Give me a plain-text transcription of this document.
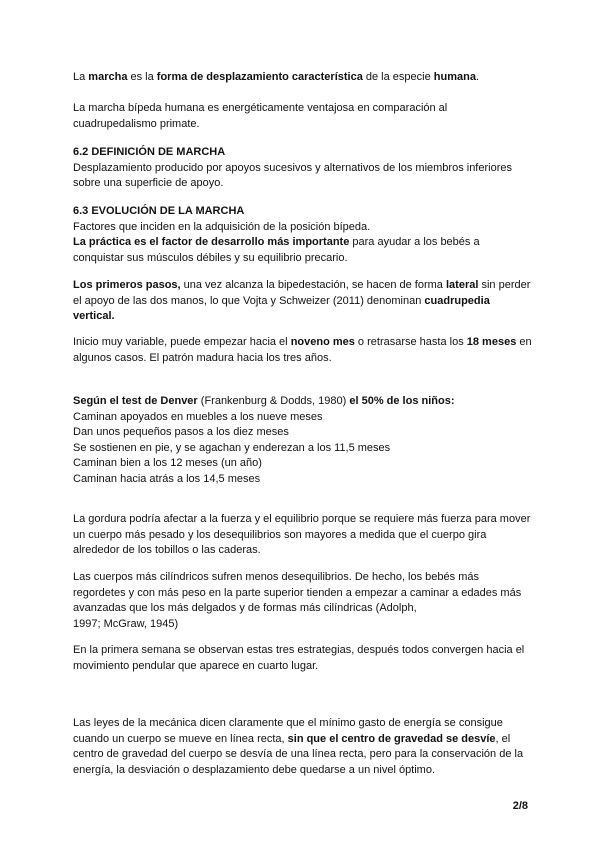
La marcha es la forma de desplazamiento característica de la especie humana.
La marcha bípeda humana es energéticamente ventajosa en comparación al cuadrupedalismo primate.
6.2 DEFINICIÓN DE MARCHA
Desplazamiento producido por apoyos sucesivos y alternativos de los miembros inferiores sobre una superficie de apoyo.
6.3 EVOLUCIÓN DE LA MARCHA
Factores que inciden en la adquisición de la posición bípeda.
La práctica es el factor de desarrollo más importante para ayudar a los bebés a conquistar sus músculos débiles y su equilibrio precario.
Los primeros pasos, una vez alcanza la bipedestación, se hacen de forma lateral sin perder el apoyo de las dos manos, lo que Vojta y Schweizer (2011) denominan cuadrupedia vertical.
Inicio muy variable, puede empezar hacia el noveno mes o retrasarse hasta los 18 meses en algunos casos. El patrón madura hacia los tres años.
Según el test de Denver (Frankenburg & Dodds, 1980) el 50% de los niños:
Caminan apoyados en muebles a los nueve meses
Dan unos pequeños pasos a los diez meses
Se sostienen en pie, y se agachan y enderezan a los 11,5 meses
Caminan bien a los 12 meses (un año)
Caminan hacia atrás a los 14,5 meses
La gordura podría afectar a la fuerza y el equilibrio porque se requiere más fuerza para mover un cuerpo más pesado y los desequilibrios son mayores a medida que el cuerpo gira alrededor de los tobillos o las caderas.
Las cuerpos más cilíndricos sufren menos desequilibrios. De hecho, los bebés más regordetes y con más peso en la parte superior tienden a empezar a caminar a edades más avanzadas que los más delgados y de formas más cilíndricas (Adolph,
1997; McGraw, 1945)
En la primera semana se observan estas tres estrategias, después todos convergen hacia el movimiento pendular que aparece en cuarto lugar.
Las leyes de la mecánica dicen claramente que el mínimo gasto de energía se consigue cuando un cuerpo se mueve en línea recta, sin que el centro de gravedad se desvíe, el centro de gravedad del cuerpo se desvía de una línea recta, pero para la conservación de la energía, la desviación o desplazamiento debe quedarse a un nivel óptimo.
2/8
